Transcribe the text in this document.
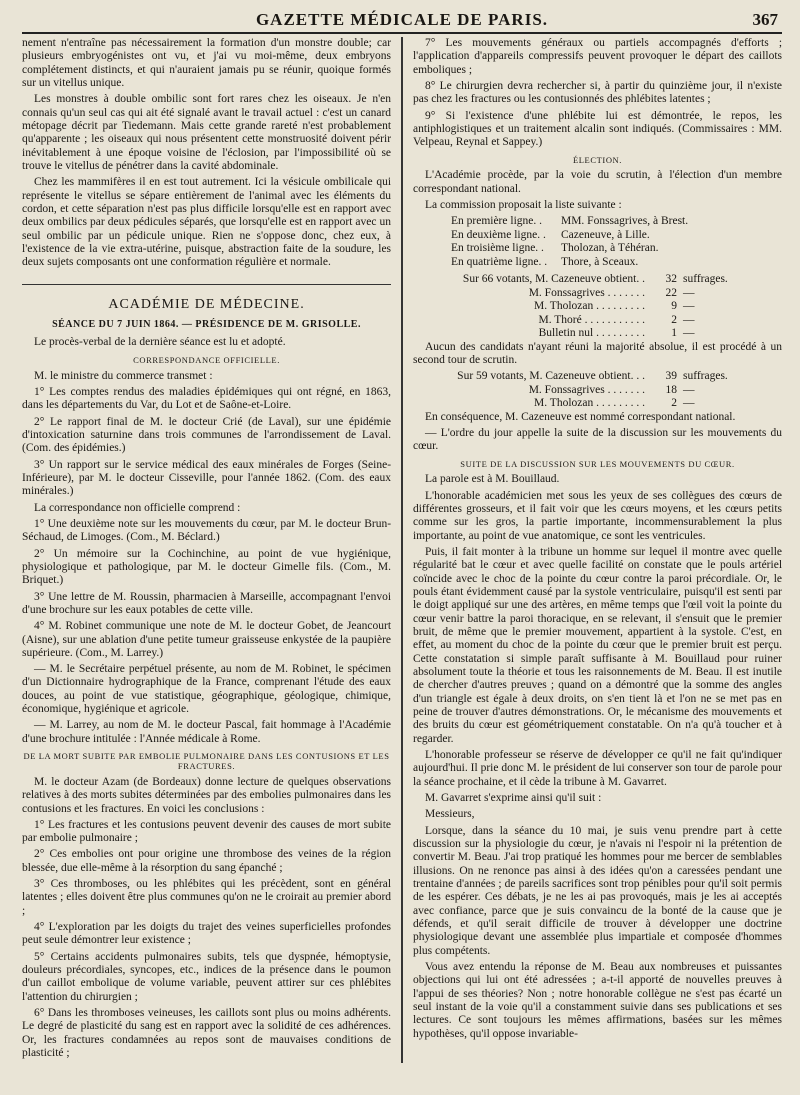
GAZETTE MÉDICALE DE PARIS.	367

nement n'entraîne pas nécessairement la formation d'un monstre double; car plusieurs embryogénistes ont vu, et j'ai vu moi-même, deux embryons complétement distincts, et qui n'auraient jamais pu se réunir, quoique formés sur un vitellus unique.

Les monstres à double ombilic sont fort rares chez les oiseaux. Je n'en connais qu'un seul cas qui ait été signalé avant le travail actuel : c'est un canard métopage décrit par Tiedemann. Mais cette grande rareté n'est probablement qu'apparente ; les oiseaux qui nous présentent cette monstruosité doivent périr inévitablement à une époque voisine de l'éclosion, par l'impossibilité où se trouve le vitellus de pénétrer dans la cavité abdominale.

Chez les mammifères il en est tout autrement. Ici la vésicule ombilicale qui représente le vitellus se sépare entièrement de l'animal avec les éléments du cordon, et cette séparation n'est pas plus difficile lorsqu'elle est en rapport avec deux ombilics par deux pédicules séparés, que lorsqu'elle est en rapport avec un seul ombilic par un pédicule unique. Rien ne s'oppose donc, chez eux, à l'existence de la vie extra-utérine, puisque, abstraction faite de la soudure, les deux sujets composants ont une conformation régulière et normale.

ACADÉMIE DE MÉDECINE.
SÉANCE DU 7 JUIN 1864. — PRÉSIDENCE DE M. GRISOLLE.

Le procès-verbal de la dernière séance est lu et adopté.

CORRESPONDANCE OFFICIELLE.

M. le ministre du commerce transmet :

1° Les comptes rendus des maladies épidémiques qui ont régné, en 1863, dans les départements du Var, du Lot et de Saône-et-Loire.

2° Le rapport final de M. le docteur Crié (de Laval), sur une épidémie d'intoxication saturnine dans trois communes de l'arrondissement de Laval. (Com. des épidémies.)

3° Un rapport sur le service médical des eaux minérales de Forges (Seine-Inférieure), par M. le docteur Cisseville, pour l'année 1862. (Com. des eaux minérales.)

La correspondance non officielle comprend :

1° Une deuxième note sur les mouvements du cœur, par M. le docteur Brun-Séchaud, de Limoges. (Com., M. Béclard.)

2° Un mémoire sur la Cochinchine, au point de vue hygiénique, physiologique et pathologique, par M. le docteur Gimelle fils. (Com., M. Briquet.)

3° Une lettre de M. Roussin, pharmacien à Marseille, accompagnant l'envoi d'une brochure sur les eaux potables de cette ville.

4° M. Robinet communique une note de M. le docteur Gobet, de Jeancourt (Aisne), sur une ablation d'une petite tumeur graisseuse enkystée de la paupière supérieure. (Com., M. Larrey.)

— M. le Secrétaire perpétuel présente, au nom de M. Robinet, le spécimen d'un Dictionnaire hydrographique de la France, comprenant l'étude des eaux douces, au point de vue statistique, géographique, géologique, chimique, économique, hygiénique et agricole.

— M. Larrey, au nom de M. le docteur Pascal, fait hommage à l'Académie d'une brochure intitulée : l'Année médicale à Rome.

DE LA MORT SUBITE PAR EMBOLIE PULMONAIRE DANS LES CONTUSIONS ET LES FRACTURES.

M. le docteur Azam (de Bordeaux) donne lecture de quelques observations relatives à des morts subites déterminées par des embolies pulmonaires dans les contusions et les fractures. En voici les conclusions :

1° Les fractures et les contusions peuvent devenir des causes de mort subite par embolie pulmonaire ;

2° Ces embolies ont pour origine une thrombose des veines de la région blessée, due elle-même à la résorption du sang épanché ;

3° Ces thromboses, ou les phlébites qui les précèdent, sont en général latentes ; elles doivent être plus communes qu'on ne le croirait au premier abord ;

4° L'exploration par les doigts du trajet des veines superficielles profondes peut seule démontrer leur existence ;

5° Certains accidents pulmonaires subits, tels que dyspnée, hémoptysie, douleurs précordiales, syncopes, etc., indices de la présence dans le poumon d'un caillot embolique de volume variable, peuvent attirer sur ces phlébites l'attention du chirurgien ;

6° Dans les thromboses veineuses, les caillots sont plus ou moins adhérents. Le degré de plasticité du sang est en rapport avec la solidité de ces adhérences. Or, les fractures condamnées au repos sont de mauvaises conditions de plasticité ;

7° Les mouvements généraux ou partiels accompagnés d'efforts ; l'application d'appareils compressifs peuvent provoquer le départ des caillots emboliques ;

8° Le chirurgien devra rechercher si, à partir du quinzième jour, il n'existe pas chez les fractures ou les contusionnés des phlébites latentes ;

9° Si l'existence d'une phlébite lui est démontrée, le repos, les antiphlogistiques et un traitement alcalin sont indiqués. (Commissaires : MM. Velpeau, Reynal et Sappey.)

ÉLECTION.

L'Académie procède, par la voie du scrutin, à l'élection d'un membre correspondant national.

La commission proposait la liste suivante :

En première ligne. .	MM. Fonssagrives, à Brest.
En deuxième ligne. .	Cazeneuve, à Lille.
En troisième ligne. .	Tholozan, à Téhéran.
En quatrième ligne. .	Thore, à Sceaux.
Sur 66 votants, M. Cazeneuve obtient. .	32 suffrages.
M. Fonssagrives . . . . . . .	22 —
M. Tholozan . . . . . . . . .	9 —
M. Thoré . . . . . . . . . . .	2 —
Bulletin nul . . . . . . . . .	1 —

Aucun des candidats n'ayant réuni la majorité absolue, il est procédé à un second tour de scrutin.

Sur 59 votants, M. Cazeneuve obtient. . .	39 suffrages.
M. Fonssagrives . . . . . . .	18 —
M. Tholozan . . . . . . . . .	2 —

En conséquence, M. Cazeneuve est nommé correspondant national.

— L'ordre du jour appelle la suite de la discussion sur les mouvements du cœur.

SUITE DE LA DISCUSSION SUR LES MOUVEMENTS DU CŒUR.

La parole est à M. Bouillaud.

L'honorable académicien met sous les yeux de ses collègues des cœurs de différentes grosseurs, et il fait voir que les cœurs moyens, et les cœurs petits comme sur les gros, la partie importante, incommensurablement la plus importante, au point de vue anatomique, ce sont les ventricules.

Puis, il fait monter à la tribune un homme sur lequel il montre avec quelle régularité bat le cœur et avec quelle facilité on constate que le pouls artériel coïncide avec le choc de la pointe du cœur contre la paroi précordiale. Or, le pouls étant évidemment causé par la systole ventriculaire, puisqu'il est senti par le doigt appliqué sur une des artères, en même temps que l'œil voit la pointe du cœur venir battre la paroi thoracique, en se relevant, il s'ensuit que le premier bruit, de même que le premier mouvement, appartient à la systole. C'est, en effet, au moment du choc de la pointe du cœur que le premier bruit est perçu. Cette constatation si simple paraît suffisante à M. Bouillaud pour ruiner absolument toute la théorie et tous les raisonnements de M. Beau. Il est inutile de chercher d'autres preuves ; quand on a démontré que la somme des angles d'un triangle est égale à deux droits, on s'en tient là et l'on ne se met pas en peine de trouver d'autres démonstrations. Or, le mécanisme des mouvements et des bruits du cœur est géométriquement constatable. On n'a qu'à toucher et à regarder.

L'honorable professeur se réserve de développer ce qu'il ne fait qu'indiquer aujourd'hui. Il prie donc M. le président de lui conserver son tour de parole pour la séance prochaine, et il cède la tribune à M. Gavarret.

M. Gavarret s'exprime ainsi qu'il suit :

Messieurs,

Lorsque, dans la séance du 10 mai, je suis venu prendre part à cette discussion sur la physiologie du cœur, je n'avais ni l'espoir ni la prétention de convertir M. Beau. J'ai trop pratiqué les hommes pour me bercer de semblables illusions. On ne renonce pas ainsi à des idées qu'on a caressées pendant une trentaine d'années ; de pareils sacrifices sont trop pénibles pour qu'il soit permis de les espérer. Ces débats, je ne les ai pas provoqués, mais je les ai acceptés avec confiance, parce que je suis convaincu de la bonté de la cause que je défends, et qu'il serait difficile de trouver à développer une doctrine physiologique devant une assemblée plus impartiale et composée d'hommes plus compétents.

Vous avez entendu la réponse de M. Beau aux nombreuses et puissantes objections qui lui ont été adressées ; a-t-il apporté de nouvelles preuves à l'appui de ses théories? Non ; notre honorable collègue ne s'est pas écarté un seul instant de la voie qu'il a constamment suivie dans ses publications et ses lectures. Ce sont toujours les mêmes affirmations, basées sur les mêmes hypothèses, qu'il oppose invariable-
